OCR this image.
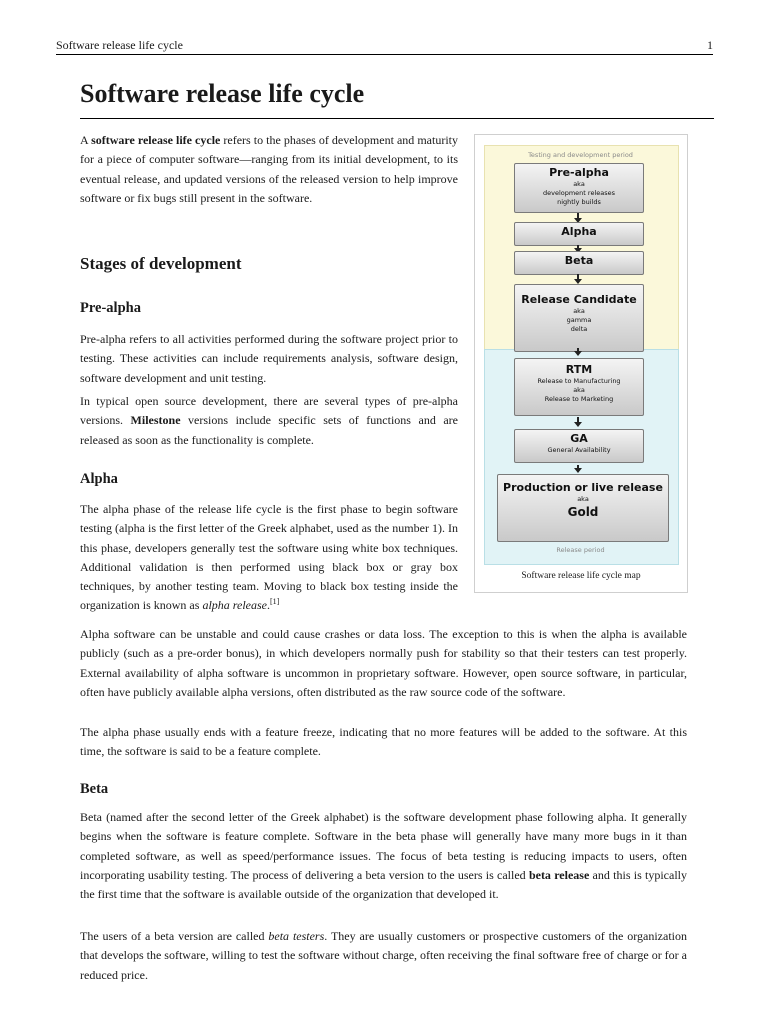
Software release life cycle	1
Software release life cycle

A software release life cycle refers to the phases of development and maturity for a piece of computer software—ranging from its initial development, to its eventual release, and updated versions of the released version to help improve software or fix bugs still present in the software.

Stages of development
Pre-alpha

Pre-alpha refers to all activities performed during the software project prior to testing. These activities can include requirements analysis, software design, software development and unit testing.

In typical open source development, there are several types of pre-alpha versions. Milestone versions include specific sets of functions and are released as soon as the functionality is complete.

Alpha

The alpha phase of the release life cycle is the first phase to begin software testing (alpha is the first letter of the Greek alphabet, used as the number 1). In this phase, developers generally test the software using white box techniques. Additional validation is then performed using black box or gray box techniques, by another testing team. Moving to black box testing inside the organization is known as alpha release.[1]

Alpha software can be unstable and could cause crashes or data loss. The exception to this is when the alpha is available publicly (such as a pre-order bonus), in which developers normally push for stability so that their testers can test properly. External availability of alpha software is uncommon in proprietary software. However, open source software, in particular, often have publicly available alpha versions, often distributed as the raw source code of the software.

The alpha phase usually ends with a feature freeze, indicating that no more features will be added to the software. At this time, the software is said to be a feature complete.

Beta

Beta (named after the second letter of the Greek alphabet) is the software development phase following alpha. It generally begins when the software is feature complete. Software in the beta phase will generally have many more bugs in it than completed software, as well as speed/performance issues. The focus of beta testing is reducing impacts to users, often incorporating usability testing. The process of delivering a beta version to the users is called beta release and this is typically the first time that the software is available outside of the organization that developed it.

The users of a beta version are called beta testers. They are usually customers or prospective customers of the organization that develops the software, willing to test the software without charge, often receiving the final software free of charge or for a reduced price.

Testing and development period
Pre-alpha
aka
development releases
nightly builds
Alpha
Beta
Release Candidate
aka
gamma
delta
RTM
Release to Manufacturing
aka
Release to Marketing
GA
General Availability
Production or live release
aka
Gold
Release period
Software release life cycle map
